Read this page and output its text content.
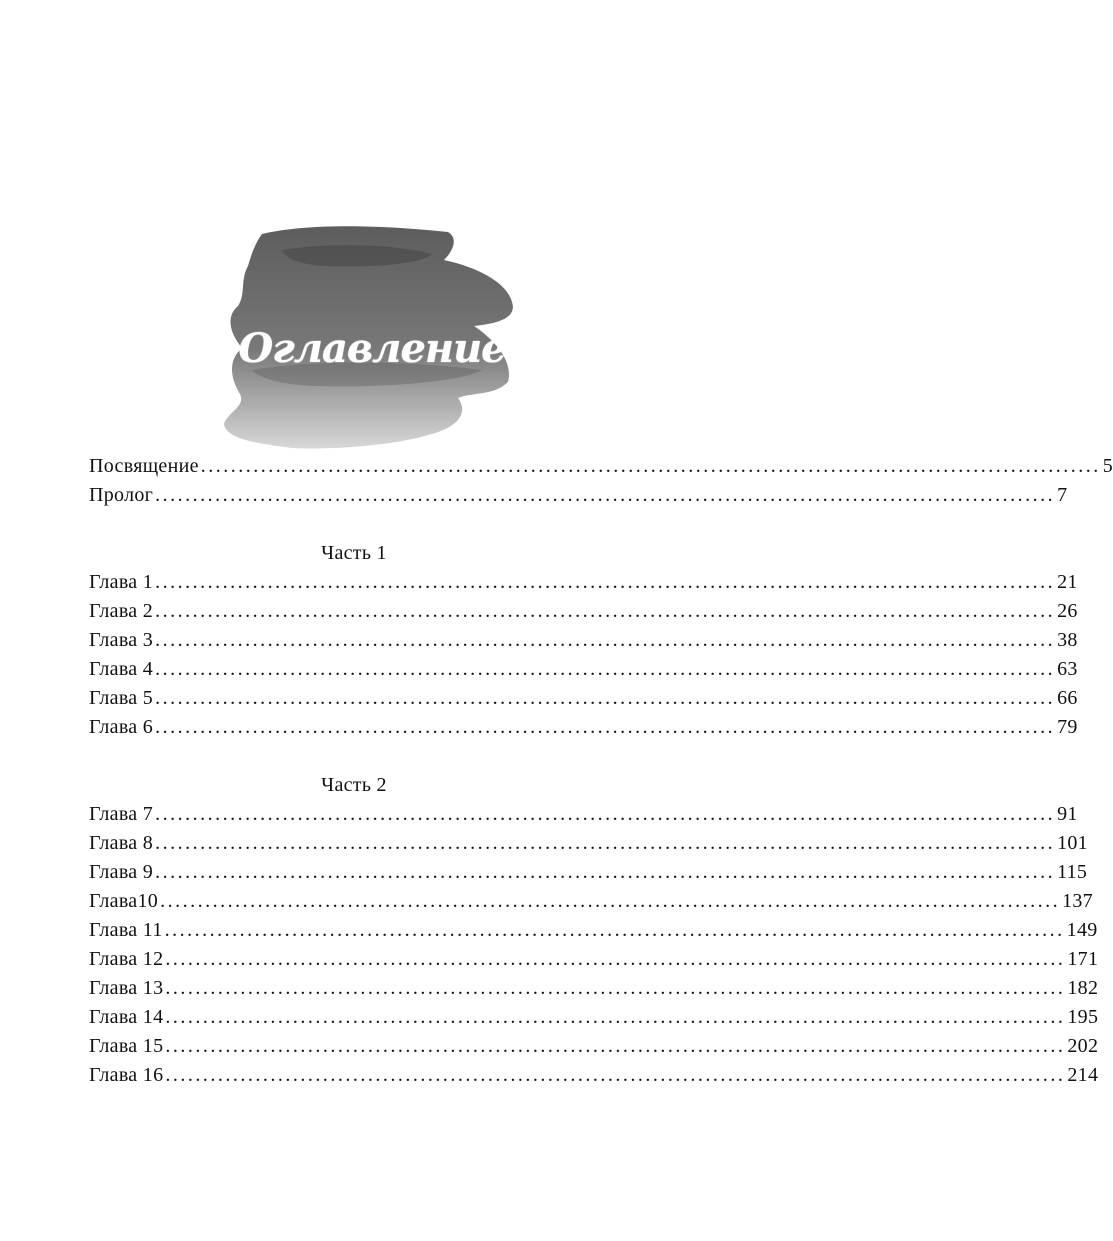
Оглавление
Посвящение ........................................................................................................................ 5
Пролог ........................................................................................................................ 7
Часть 1
Глава 1 ........................................................................................................................ 21
Глава 2 ........................................................................................................................ 26
Глава 3 ........................................................................................................................ 38
Глава 4 ........................................................................................................................ 63
Глава 5 ........................................................................................................................ 66
Глава 6 ........................................................................................................................ 79
Часть 2
Глава 7 ........................................................................................................................ 91
Глава 8 ........................................................................................................................ 101
Глава 9 ........................................................................................................................ 115
Глава10 ........................................................................................................................ 137
Глава 11 ........................................................................................................................ 149
Глава 12 ........................................................................................................................ 171
Глава 13 ........................................................................................................................ 182
Глава 14 ........................................................................................................................ 195
Глава 15 ........................................................................................................................ 202
Глава 16 ........................................................................................................................ 214
